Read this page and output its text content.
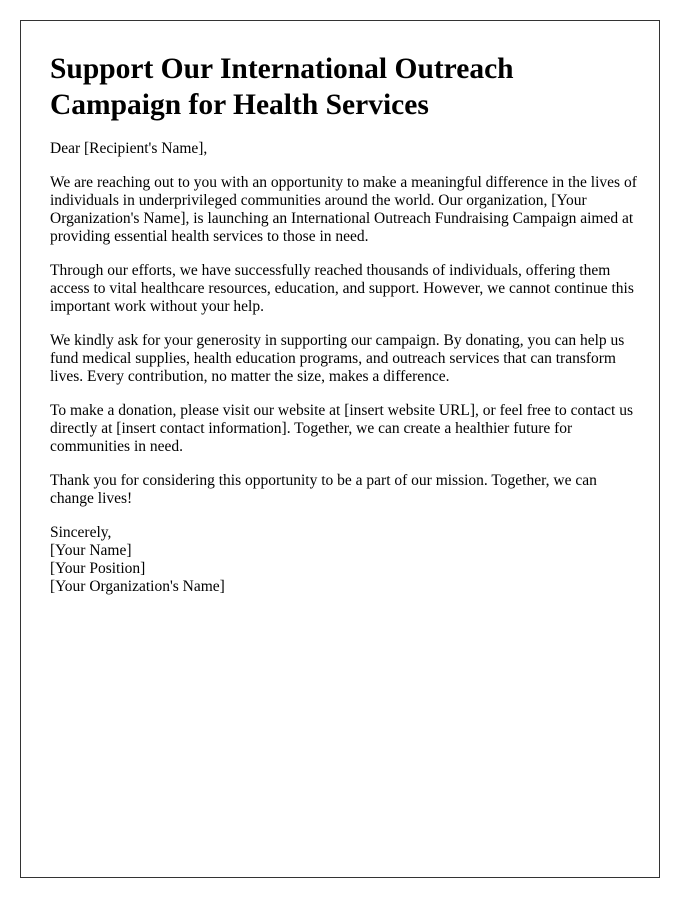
Support Our International Outreach Campaign for Health Services

Dear [Recipient's Name],

We are reaching out to you with an opportunity to make a meaningful difference in the lives of individuals in underprivileged communities around the world. Our organization, [Your Organization's Name], is launching an International Outreach Fundraising Campaign aimed at providing essential health services to those in need.

Through our efforts, we have successfully reached thousands of individuals, offering them access to vital healthcare resources, education, and support. However, we cannot continue this important work without your help.

We kindly ask for your generosity in supporting our campaign. By donating, you can help us fund medical supplies, health education programs, and outreach services that can transform lives. Every contribution, no matter the size, makes a difference.

To make a donation, please visit our website at [insert website URL], or feel free to contact us directly at [insert contact information]. Together, we can create a healthier future for communities in need.

Thank you for considering this opportunity to be a part of our mission. Together, we can change lives!

Sincerely,
[Your Name]
[Your Position]
[Your Organization's Name]
